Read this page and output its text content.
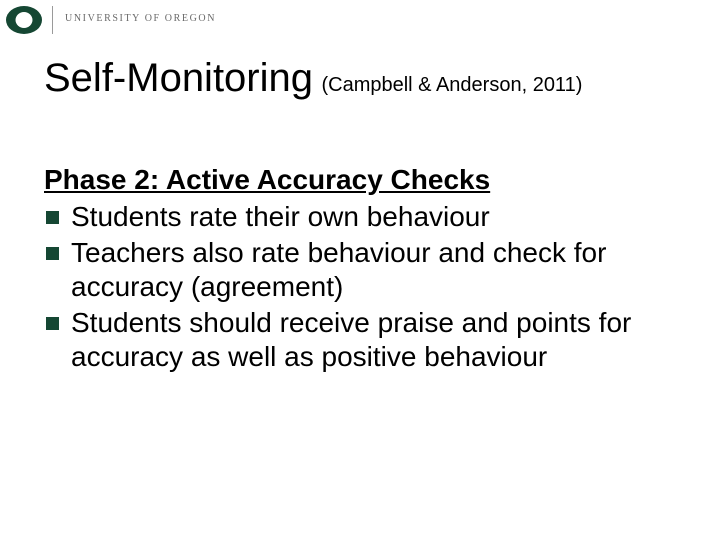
UNIVERSITY OF OREGON
Self-Monitoring (Campbell & Anderson, 2011)
Phase 2: Active Accuracy Checks
Students rate their own behaviour
Teachers also rate behaviour and check for accuracy (agreement)
Students should receive praise and points for accuracy as well as positive behaviour
